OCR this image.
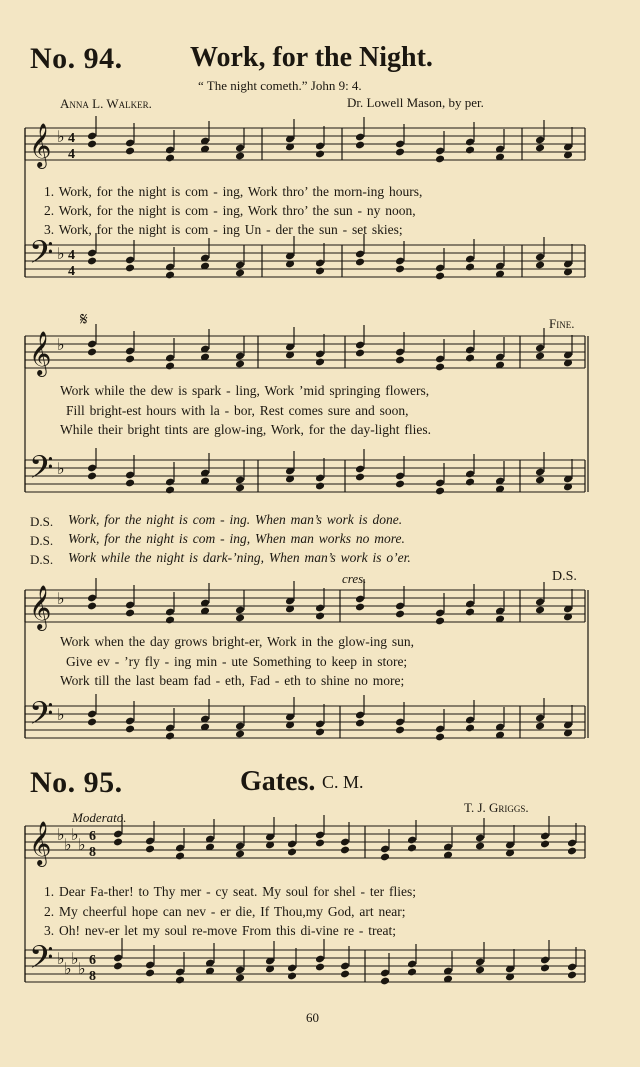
No. 94. Work, for the Night.
“ The night cometh.” John 9: 4.
Anna L. Walker.	Dr. Lowell Mason, by per.
𝄞 ♭ 4
4
𝄢 ♭ 4
4
𝄞 ♭
𝄢 ♭
𝄞 ♭
𝄢 ♭
𝄞 ♭
♭
♭
♭
6
8
𝄢 ♭
♭
♭
♭
6
8
1. Work, for the night is com - ing, Work thro’ the morn-ing hours,
2. Work, for the night is com - ing, Work thro’ the sun - ny noon,
3. Work, for the night is com - ing Un - der the sun - set skies;
𝄋	Fine.
Work while the dew is spark - ling, Work ’mid springing flowers,
Fill bright-est hours with la - bor, Rest comes sure and soon,
While their bright tints are glow-ing, Work, for the day-light flies.
D.S. Work, for the night is com - ing. When man’s work is done.
D.S. Work, for the night is com - ing, When man works no more.
D.S. Work while the night is dark-’ning, When man’s work is o’er.
cres.	D.S.
Work when the day grows bright-er, Work in the glow-ing sun,
Give ev - ’ry fly - ing min - ute Something to keep in store;
Work till the last beam fad - eth, Fad - eth to shine no more;
No. 95.	Gates. C. M.
Moderato.
T. J. Griggs.
1. Dear Fa-ther! to Thy mer - cy seat. My soul for shel - ter flies;
2. My cheerful hope can nev - er die, If Thou,my God, art near;
3. Oh! nev-er let my soul re-move From this di-vine re - treat;
60
